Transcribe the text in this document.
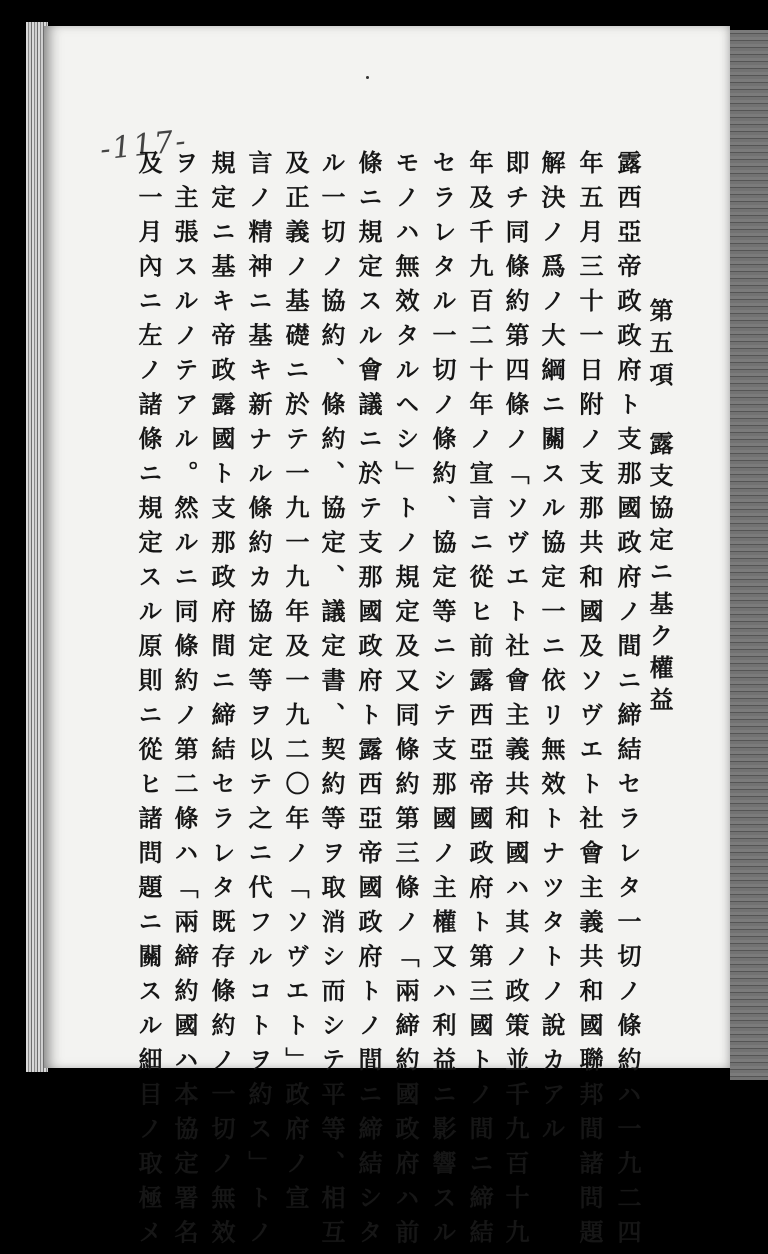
-117-
第五項 露支協定ニ基ク權益
露西亞帝政政府ト支那國政府ノ間ニ締結セラレタ一切ノ條約ハ一九二四
年五月三十一日附ノ支那共和國及ソヴエト社會主義共和國聯邦間諸問題
解決ノ爲ノ大綱ニ關スル協定一ニ依リ無效トナツタトノ說カアル
即チ同條約第四條ノ「ソヴエト社會主義共和國ハ其ノ政策並千九百十九
年及千九百二十年ノ宣言ニ從ヒ前露西亞帝國政府ト第三國トノ間ニ締結
セラレタル一切ノ條約、協定等ニシテ支那國ノ主權又ハ利益ニ影響スル
モノハ無效タルヘシ」トノ規定及又同條約第三條ノ「兩締約國政府ハ前
條ニ規定スル會議ニ於テ支那國政府ト露西亞帝國政府トノ間ニ締結シタ
ル一切ノ協約、條約、協定、議定書、契約等ヲ取消シ而シテ平等、相互
及正義ノ基礎ニ於テ一九一九年及一九二〇年ノ「ソヴエト」政府ノ宣
言ノ精神ニ基キ新ナル條約カ協定等ヲ以テ之ニ代フルコトヲ約ス」トノ
規定ニ基キ帝政露國ト支那政府間ニ締結セラレタ既存條約ノ一切ノ無效
ヲ主張スルノテアル。然ルニ同條約ノ第二條ハ「兩締約國ハ本協定署名
及一月內ニ左ノ諸條ニ規定スル原則ニ從ヒ諸問題ニ關スル細目ノ取極メ
